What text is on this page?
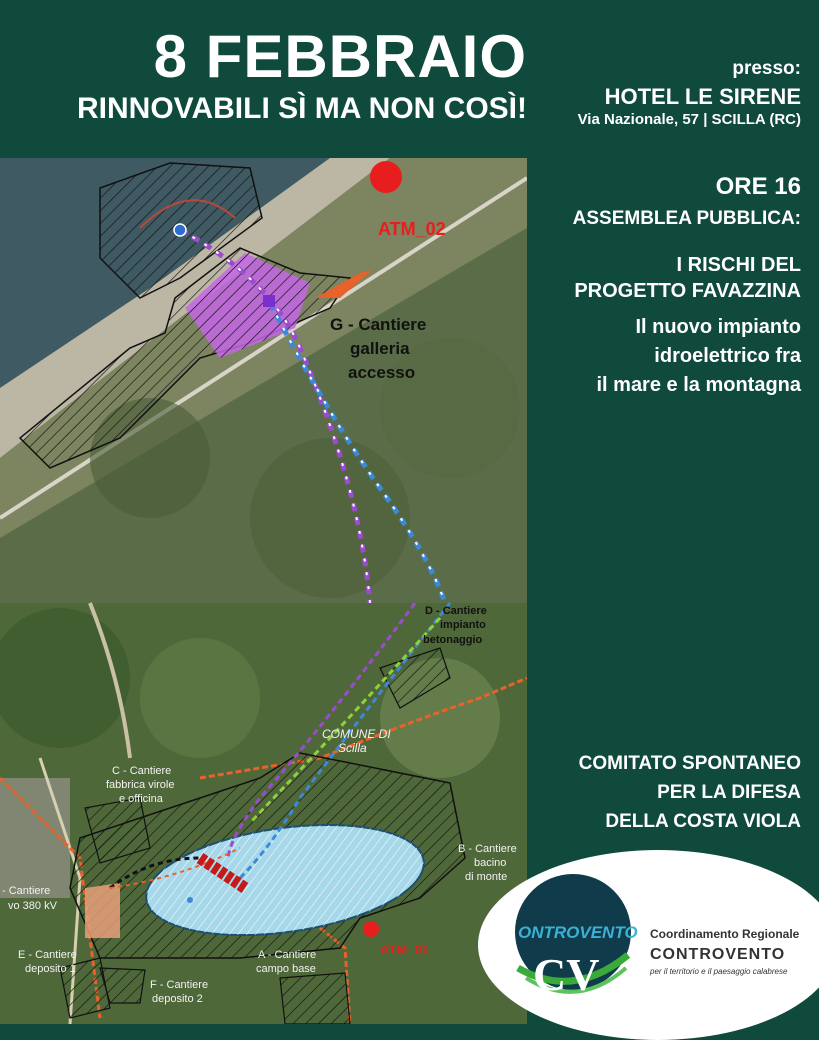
8 FEBBRAIO
RINNOVABILI SÌ MA NON COSÌ!
presso:
HOTEL LE SIRENE
Via Nazionale, 57 | SCILLA (RC)
ORE 16
ASSEMBLEA PUBBLICA:
I RISCHI DEL
PROGETTO FAVAZZINA
Il nuovo impianto
idroelettrico fra
il mare e la montagna
COMITATO SPONTANEO
PER LA DIFESA
DELLA COSTA VIOLA
ATM_02
G - Cantiere
galleria
accesso
ATM_01
D - Cantiere
impianto
betonaggio
COMUNE DI
Scilla
C - Cantiere
fabbrica virole
e officina
B - Cantiere
bacino
di monte
- Cantiere
vo 380 kV
E - Cantiere
deposito 1
A - Cantiere
campo base
F - Cantiere
deposito 2
ONTROVENTO
CV
Coordinamento Regionale
CONTROVENTO
per il territorio e il paesaggio calabrese
